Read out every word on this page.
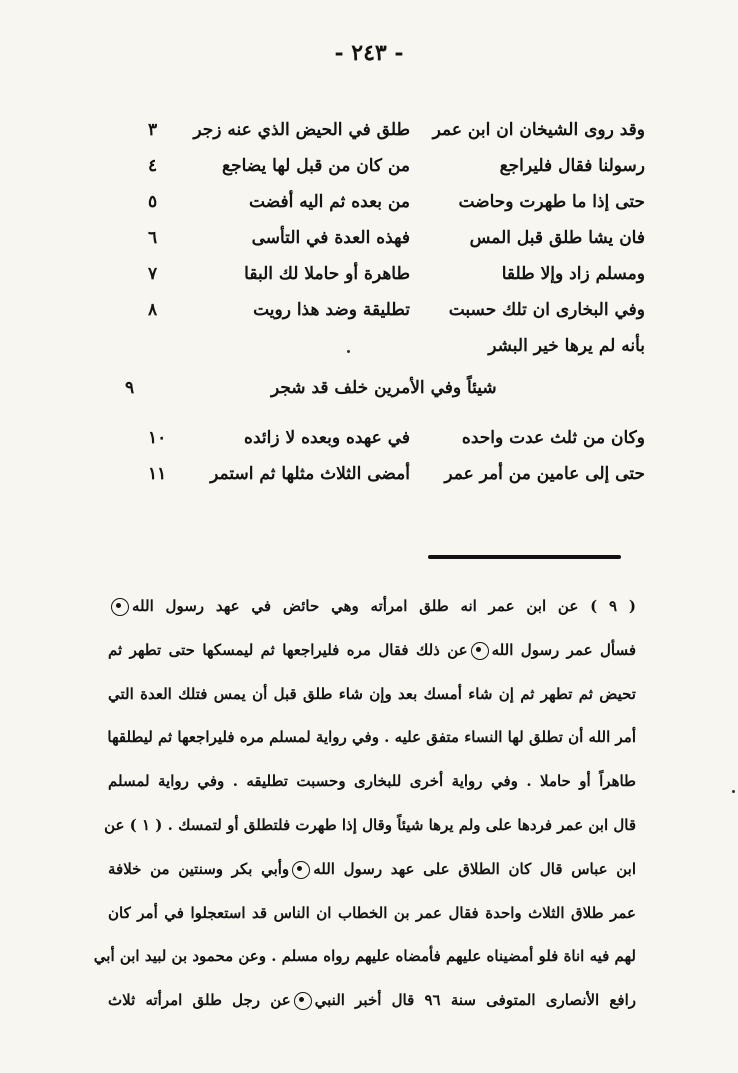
- ٢٤٣ -
وقد روى الشيخان ان ابن عمر
طلق في الحيض الذي عنه زجر
٣
رسولنا فقال فليراجع
من كان من قبل لها يضاجع
٤
حتى إذا ما طهرت وحاضت
من بعده ثم اليه أفضت
٥
فان يشا طلق قبل المس
فهذه العدة في التأسى
٦
ومسلم زاد وإلا طلقا
طاهرة أو حاملا لك البقا
٧
وفي البخارى ان تلك حسبت
تطليقة وضد هذا رويت
٨
بأنه لم يرها خير البشر
شيئاً وفي الأمرين خلف قد شجر
٩
وكان من ثلث عدت واحده
في عهده وبعده لا زائده
١٠
حتى إلى عامين من أمر عمر
أمضى الثلاث مثلها ثم استمر
١١
( ٩ ) عن ابن عمر انه طلق امرأته وهي حائض في عهد رسول الله
فسأل عمر رسول اللهعن ذلك فقال مره فليراجعها ثم ليمسكها حتى تطهر ثم
تحيض ثم تطهر ثم إن شاء أمسك بعد وإن شاء طلق قبل أن يمس فتلك العدة التي
أمر الله أن تطلق لها النساء متفق عليه . وفي رواية لمسلم مره فليراجعها ثم ليطلقها
طاهراً أو حاملا . وفي رواية أخرى للبخارى وحسبت تطليقه . وفي رواية لمسلم
قال ابن عمر فردها على ولم يرها شيئاً وقال إذا طهرت فلتطلق أو لتمسك . ( ١ ) عن
ابن عباس قال كان الطلاق على عهد رسول اللهوأبي بكر وسنتين من خلافة
عمر طلاق الثلاث واحدة فقال عمر بن الخطاب ان الناس قد استعجلوا في أمر كان
لهم فيه اناة فلو أمضيناه عليهم فأمضاه عليهم رواه مسلم . وعن محمود بن لبيد ابن أبي
رافع الأنصارى المتوفى سنة ٩٦ قال أخبر النبيعن رجل طلق امرأته ثلاث
